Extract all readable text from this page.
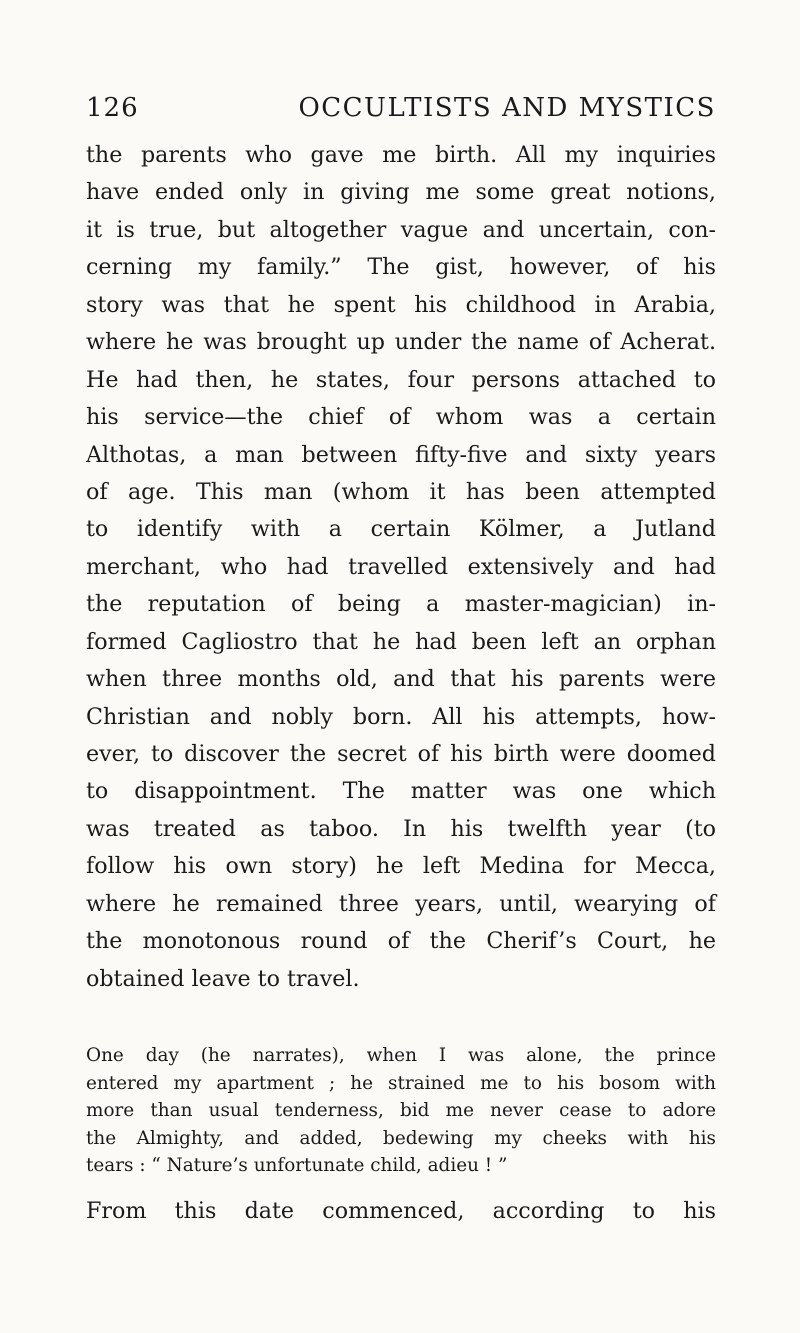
126	OCCULTISTS AND MYSTICS
the parents who gave me birth. All my inquiries
have ended only in giving me some great notions,
it is true, but altogether vague and uncertain, con-
cerning my family.” The gist, however, of his
story was that he spent his childhood in Arabia,
where he was brought up under the name of Acherat.
He had then, he states, four persons attached to
his service—the chief of whom was a certain
Althotas, a man between fifty-five and sixty years
of age. This man (whom it has been attempted
to identify with a certain Kölmer, a Jutland
merchant, who had travelled extensively and had
the reputation of being a master-magician) in-
formed Cagliostro that he had been left an orphan
when three months old, and that his parents were
Christian and nobly born. All his attempts, how-
ever, to discover the secret of his birth were doomed
to disappointment. The matter was one which
was treated as taboo. In his twelfth year (to
follow his own story) he left Medina for Mecca,
where he remained three years, until, wearying of
the monotonous round of the Cherif’s Court, he
obtained leave to travel.
One day (he narrates), when I was alone, the prince
entered my apartment ; he strained me to his bosom with
more than usual tenderness, bid me never cease to adore
the Almighty, and added, bedewing my cheeks with his
tears : “ Nature’s unfortunate child, adieu ! ”
From this date commenced, according to his
